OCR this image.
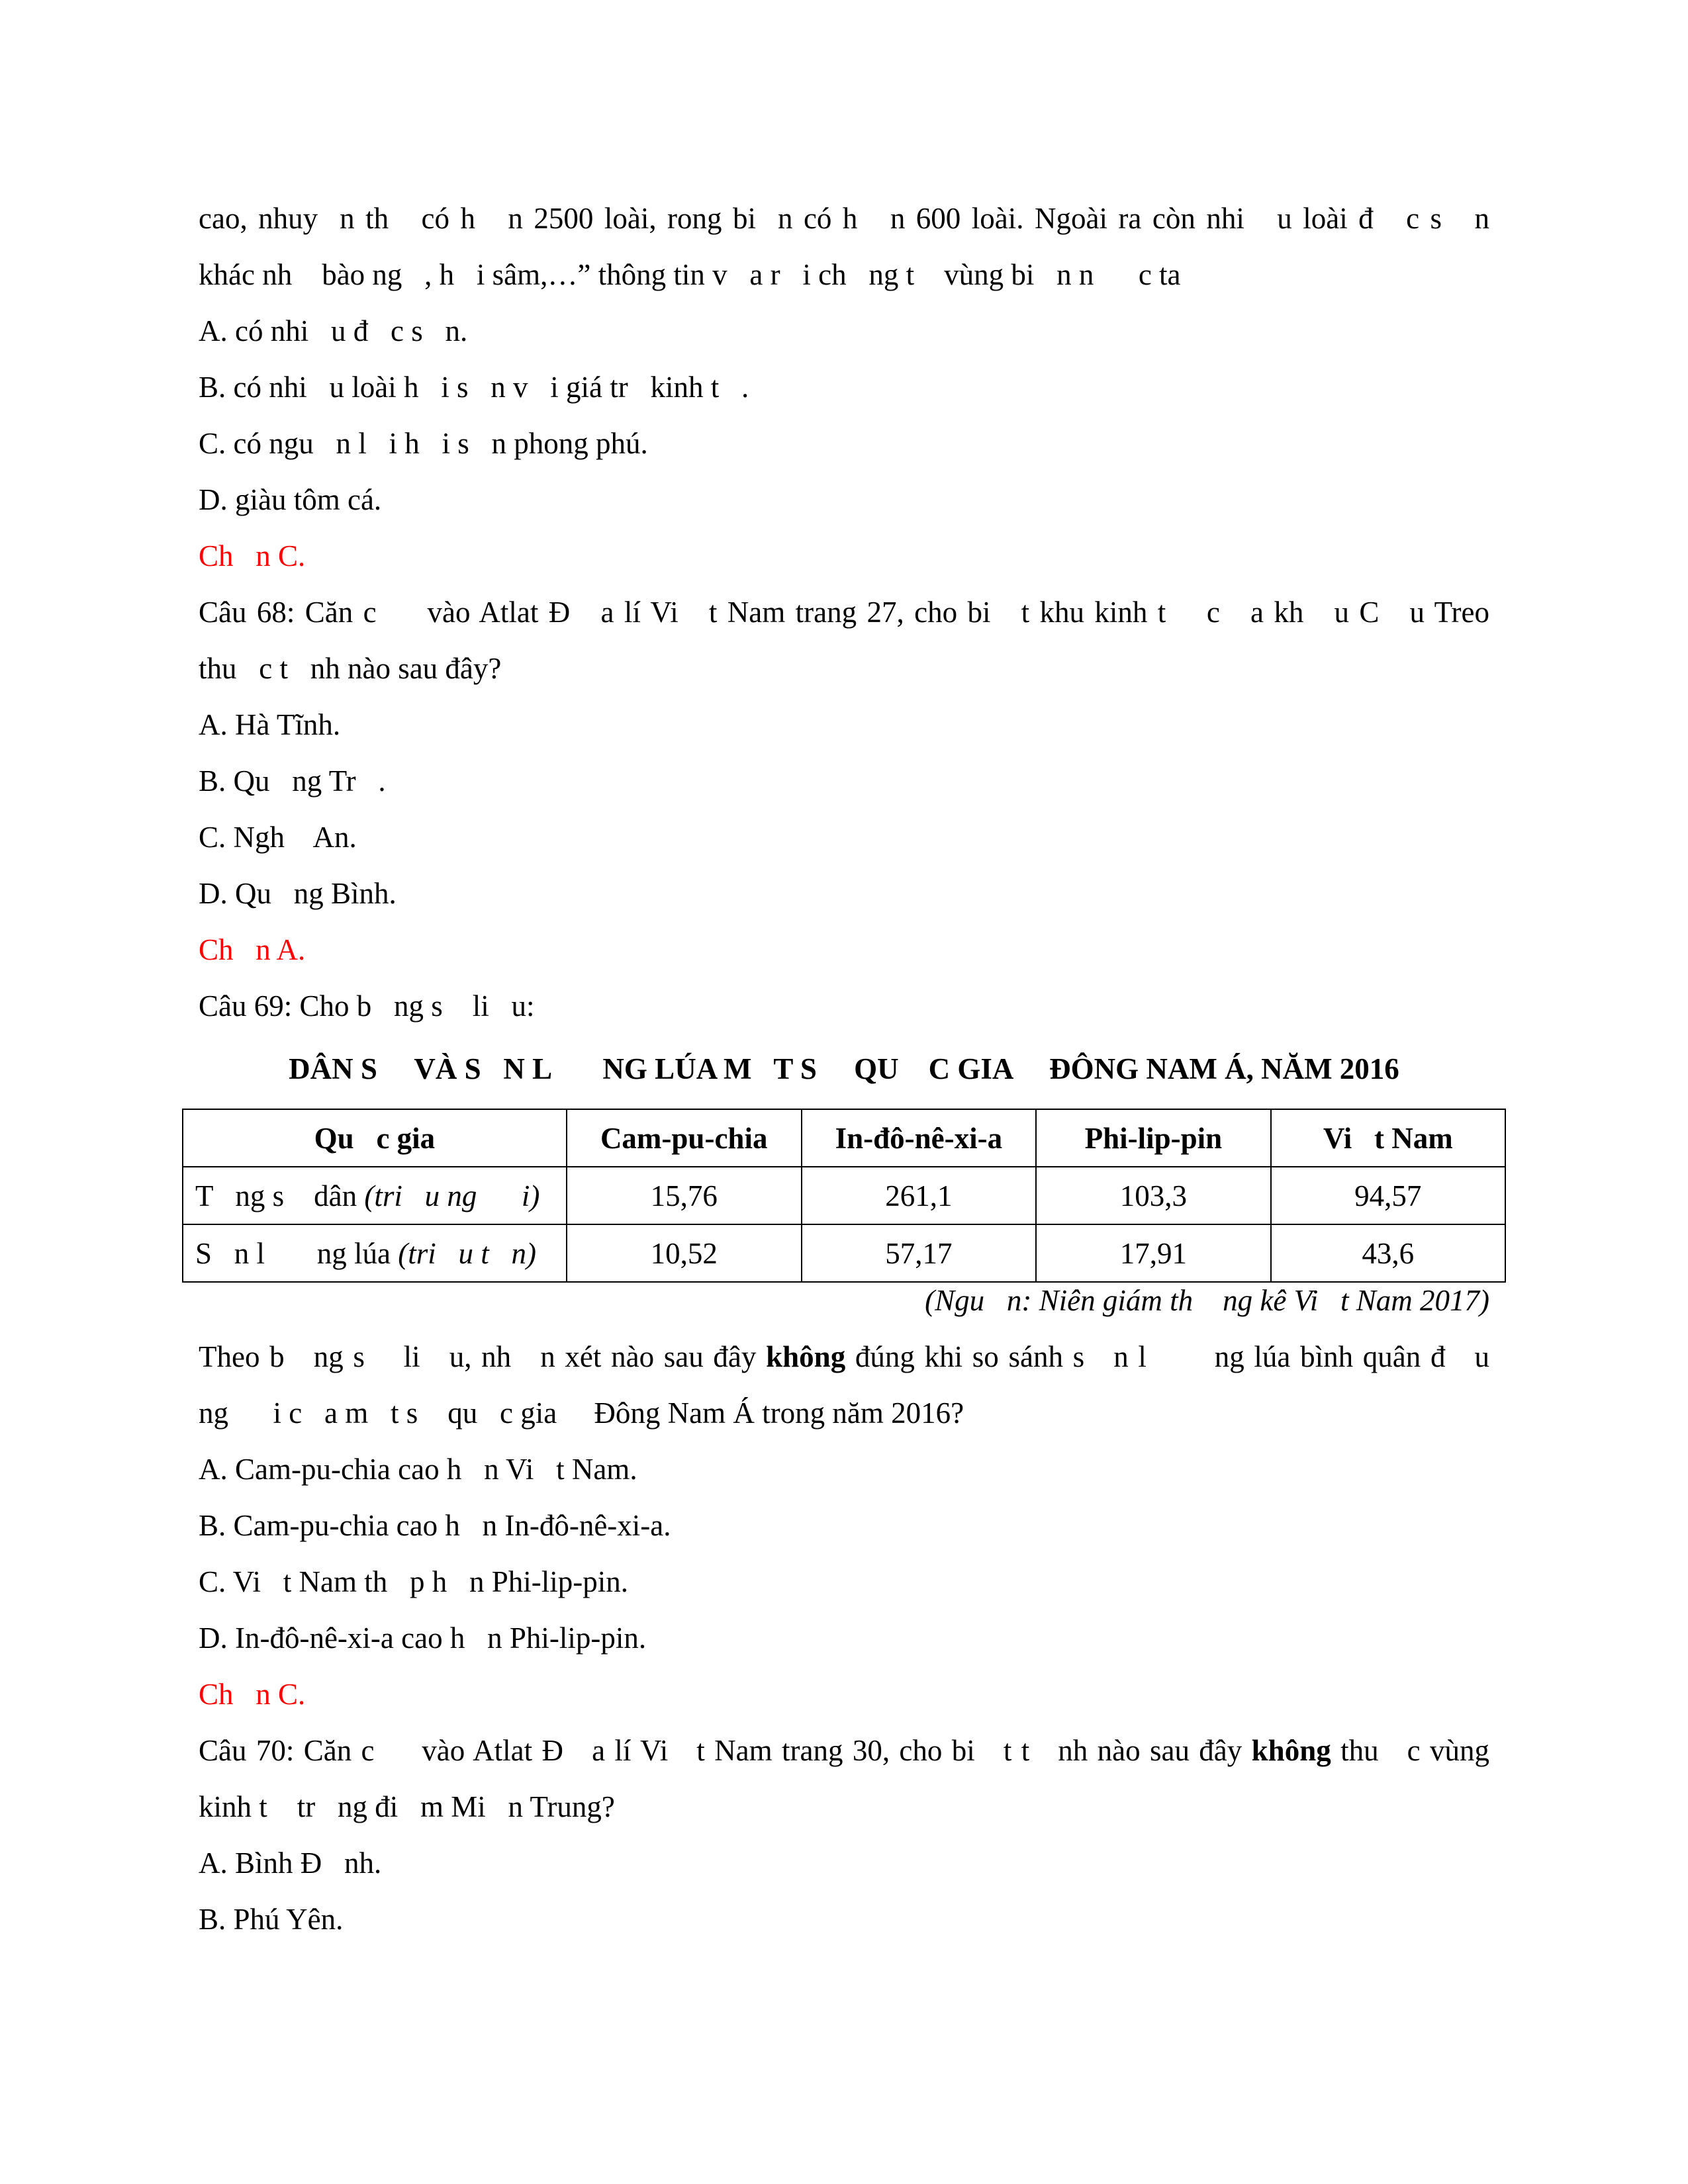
cao, nhuy  n th   có h   n 2500 loài, rong bi  n có h   n 600 loài. Ngoài ra còn nhi   u loài đ   c s   n

khác nh    bào ng   , h   i sâm,…” thông tin v   a r   i ch   ng t    vùng bi   n n      c ta

A. có nhi   u đ   c s   n.

B. có nhi   u loài h   i s   n v   i giá tr   kinh t   .

C. có ngu   n l   i h   i s   n phong phú.

D. giàu tôm cá.

Ch   n C.

Câu 68: Căn c     vào Atlat Đ   a lí Vi   t Nam trang 27, cho bi   t khu kinh t    c   a kh   u C   u Treo

thu   c t   nh nào sau đây?

A. Hà Tĩnh.

B. Qu   ng Tr   .

C. Ngh    An.

D. Qu   ng Bình.

Ch   n A.

Câu 69: Cho b   ng s    li   u:

DÂN S     VÀ S   N L       NG LÚA M   T S     QU    C GIA     ĐÔNG NAM Á, NĂM 2016
Qu   c gia	Cam-pu-chia	In-đô-nê-xi-a	Phi-lip-pin	Vi   t Nam
T   ng s    dân (tri   u ng      i)	15,76	261,1	103,3	94,57
S   n l       ng lúa (tri   u t   n)	10,52	57,17	17,91	43,6
(Ngu   n: Niên giám th    ng kê Vi   t Nam 2017)

Theo b   ng s    li   u, nh   n xét nào sau đây không đúng khi so sánh s   n l       ng lúa bình quân đ   u

ng      i c   a m   t s    qu   c gia     Đông Nam Á trong năm 2016?

A. Cam-pu-chia cao h   n Vi   t Nam.

B. Cam-pu-chia cao h   n In-đô-nê-xi-a.

C. Vi   t Nam th   p h   n Phi-lip-pin.

D. In-đô-nê-xi-a cao h   n Phi-lip-pin.

Ch   n C.

Câu 70: Căn c     vào Atlat Đ   a lí Vi   t Nam trang 30, cho bi   t t   nh nào sau đây không thu   c vùng

kinh t    tr   ng đi   m Mi   n Trung?

A. Bình Đ   nh.

B. Phú Yên.
